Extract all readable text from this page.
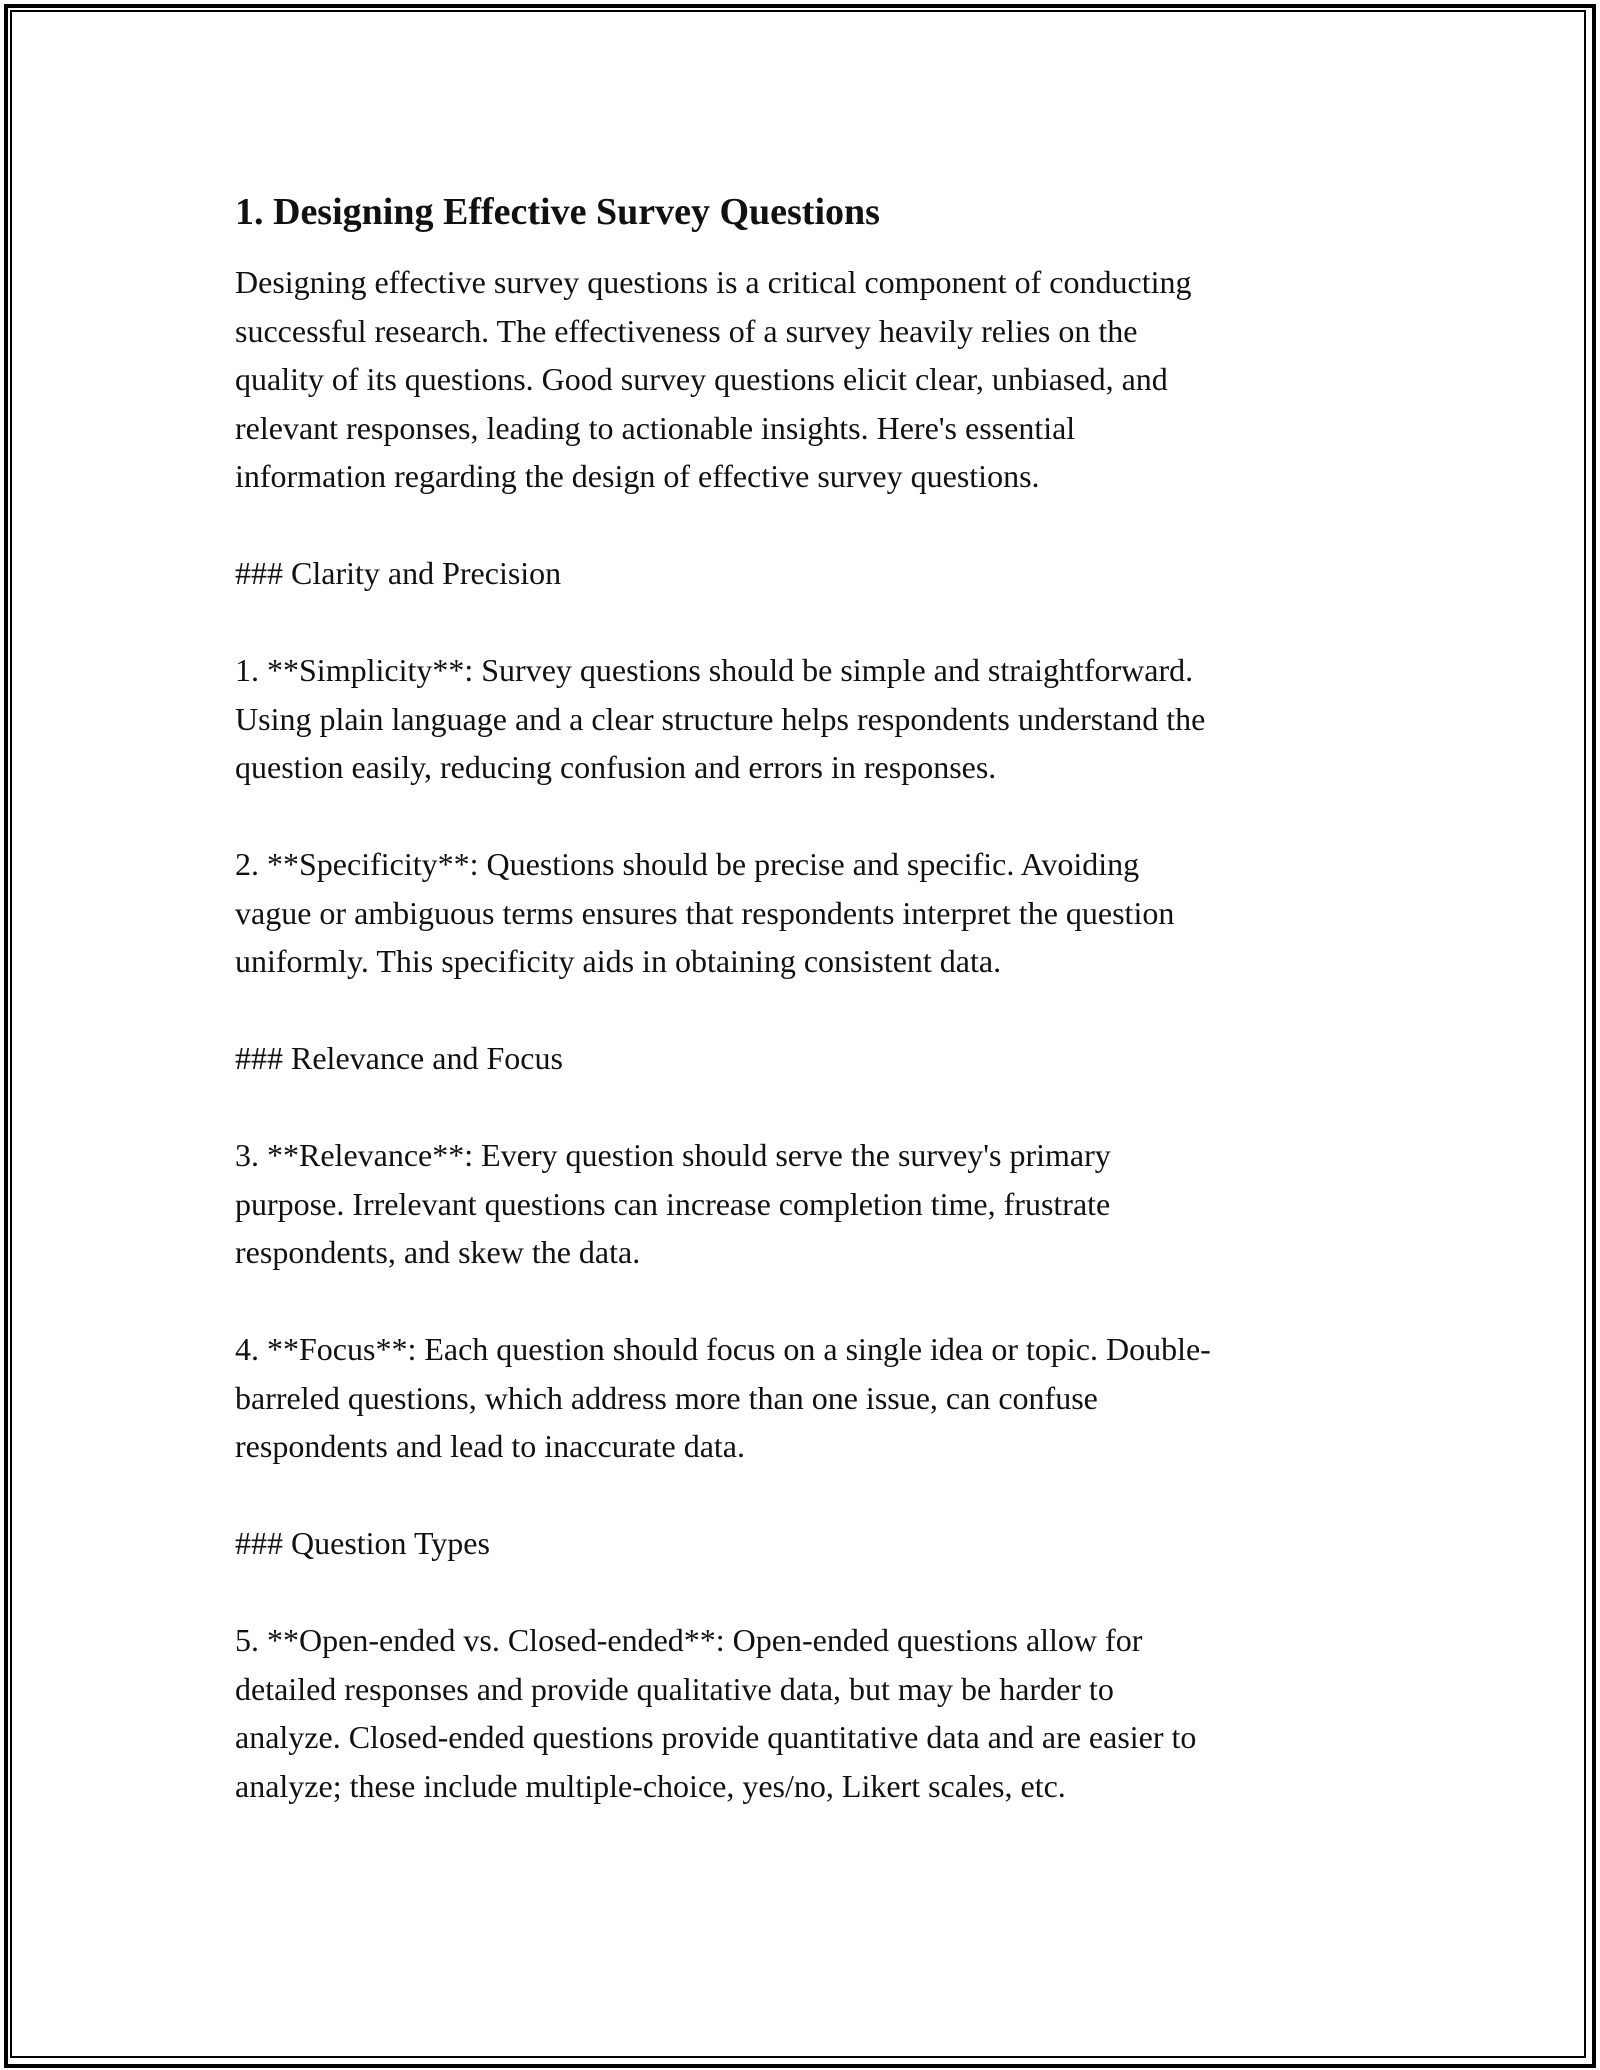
1. Designing Effective Survey Questions

Designing effective survey questions is a critical component of conducting
successful research. The effectiveness of a survey heavily relies on the
quality of its questions. Good survey questions elicit clear, unbiased, and
relevant responses, leading to actionable insights. Here's essential
information regarding the design of effective survey questions.

### Clarity and Precision

1. **Simplicity**: Survey questions should be simple and straightforward.
Using plain language and a clear structure helps respondents understand the
question easily, reducing confusion and errors in responses.

2. **Specificity**: Questions should be precise and specific. Avoiding
vague or ambiguous terms ensures that respondents interpret the question
uniformly. This specificity aids in obtaining consistent data.

### Relevance and Focus

3. **Relevance**: Every question should serve the survey's primary
purpose. Irrelevant questions can increase completion time, frustrate
respondents, and skew the data.

4. **Focus**: Each question should focus on a single idea or topic. Double-
barreled questions, which address more than one issue, can confuse
respondents and lead to inaccurate data.

### Question Types

5. **Open-ended vs. Closed-ended**: Open-ended questions allow for
detailed responses and provide qualitative data, but may be harder to
analyze. Closed-ended questions provide quantitative data and are easier to
analyze; these include multiple-choice, yes/no, Likert scales, etc.
